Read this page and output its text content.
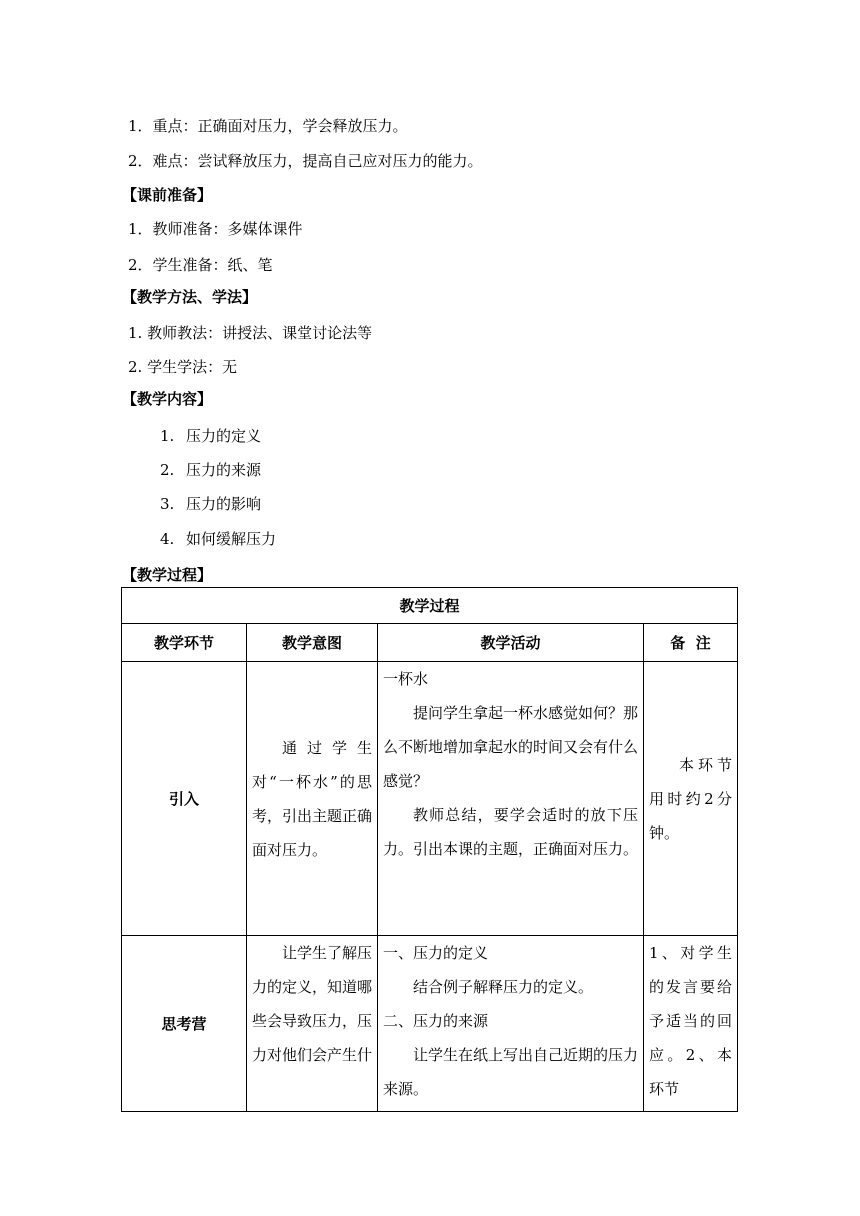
1．重点：正确面对压力，学会释放压力。
2．难点：尝试释放压力，提高自己应对压力的能力。
【课前准备】
1．教师准备：多媒体课件
2．学生准备：纸、笔
【教学方法、学法】
1. 教师教法：讲授法、课堂讨论法等
2. 学生学法：无
【教学内容】
1. 压力的定义
2. 压力的来源
3. 压力的影响
4. 如何缓解压力
【教学过程】
教学过程			
教学环节	教学意图	教学活动	备  注
引入	通过学生对“一杯水”的思考，引出主题正确面对压力。	一杯水

提问学生拿起一杯水感觉如何？那么不断地增加拿起水的时间又会有什么感觉？

教师总结，要学会适时的放下压力。引出本课的主题，正确面对压力。	本环节用时约2分钟。

思考营	让学生了解压力的定义，知道哪些会导致压力，压力对他们会产生什	一、压力的定义

结合例子解释压力的定义。

二、压力的来源

让学生在纸上写出自己近期的压力来源。	1、对学生的发言要给予适当的回应。2、本环节
